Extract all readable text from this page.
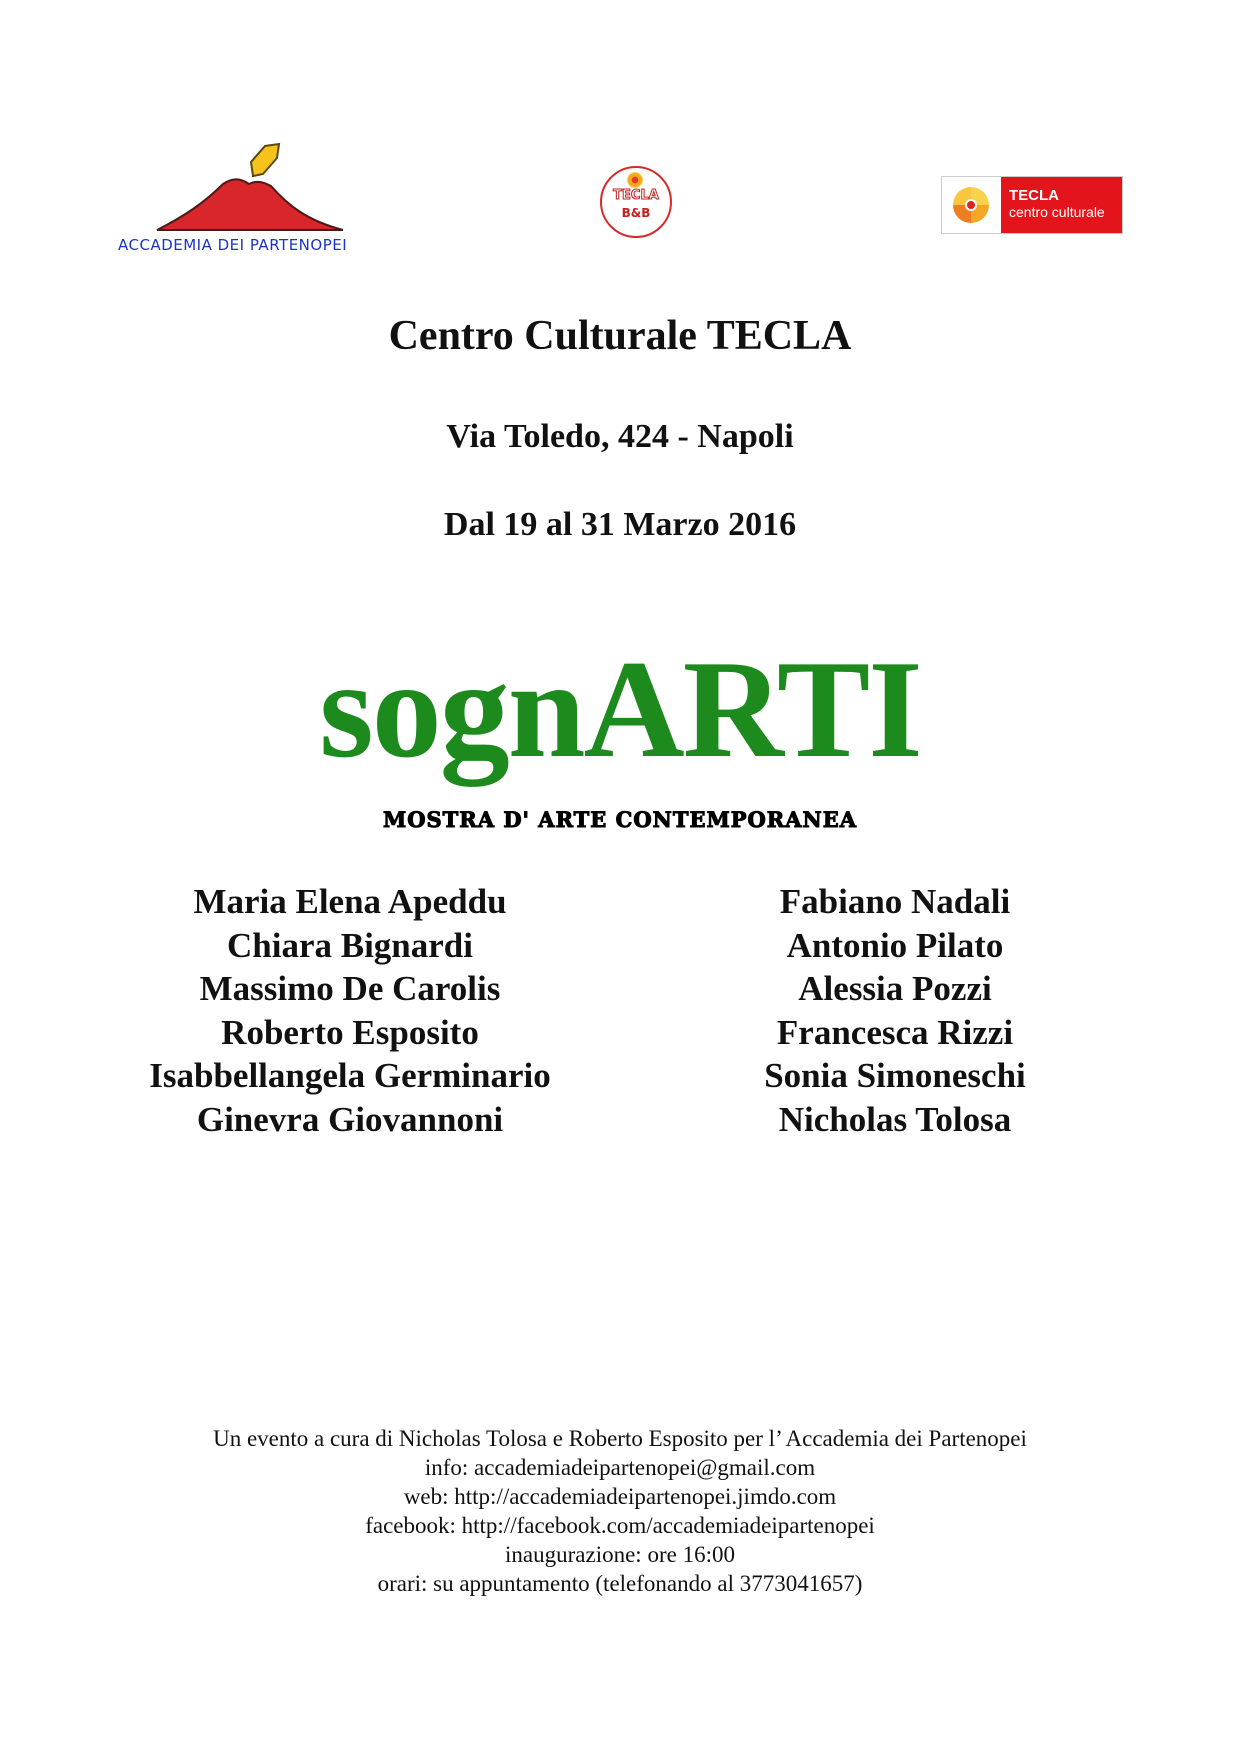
ACCADEMIA DEI PARTENOPEI
TECLA
B&B
TECLA
centro culturale
Centro Culturale TECLA
Via Toledo, 424 - Napoli
Dal 19 al 31 Marzo 2016
sognARTI
MOSTRA D' ARTE CONTEMPORANEA
Maria Elena Apeddu
Chiara Bignardi
Massimo De Carolis
Roberto Esposito
Isabbellangela Germinario
Ginevra Giovannoni
Fabiano Nadali
Antonio Pilato
Alessia Pozzi
Francesca Rizzi
Sonia Simoneschi
Nicholas Tolosa
Un evento a cura di Nicholas Tolosa e Roberto Esposito per l’ Accademia dei Partenopei
info: accademiadeipartenopei@gmail.com
web: http://accademiadeipartenopei.jimdo.com
facebook: http://facebook.com/accademiadeipartenopei
inaugurazione: ore 16:00
orari: su appuntamento (telefonando al 3773041657)
